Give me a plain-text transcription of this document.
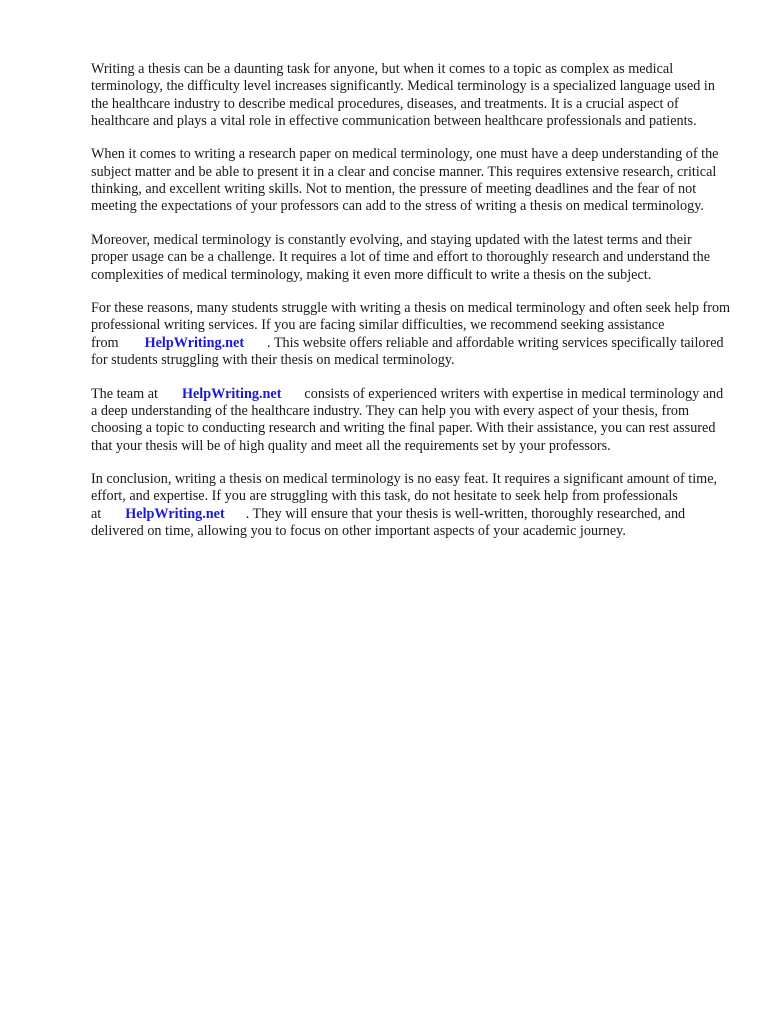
Writing a thesis can be a daunting task for anyone, but when it comes to a topic as complex as medical terminology, the difficulty level increases significantly. Medical terminology is a specialized language used in the healthcare industry to describe medical procedures, diseases, and treatments. It is a crucial aspect of healthcare and plays a vital role in effective communication between healthcare professionals and patients.

When it comes to writing a research paper on medical terminology, one must have a deep understanding of the subject matter and be able to present it in a clear and concise manner. This requires extensive research, critical thinking, and excellent writing skills. Not to mention, the pressure of meeting deadlines and the fear of not meeting the expectations of your professors can add to the stress of writing a thesis on medical terminology.

Moreover, medical terminology is constantly evolving, and staying updated with the latest terms and their proper usage can be a challenge. It requires a lot of time and effort to thoroughly research and understand the complexities of medical terminology, making it even more difficult to write a thesis on the subject.

For these reasons, many students struggle with writing a thesis on medical terminology and often seek help from professional writing services. If you are facing similar difficulties, we recommend seeking assistance from HelpWriting.net . This website offers reliable and affordable writing services specifically tailored for students struggling with their thesis on medical terminology.

The team at HelpWriting.net consists of experienced writers with expertise in medical terminology and a deep understanding of the healthcare industry. They can help you with every aspect of your thesis, from choosing a topic to conducting research and writing the final paper. With their assistance, you can rest assured that your thesis will be of high quality and meet all the requirements set by your professors.

In conclusion, writing a thesis on medical terminology is no easy feat. It requires a significant amount of time, effort, and expertise. If you are struggling with this task, do not hesitate to seek help from professionals at HelpWriting.net . They will ensure that your thesis is well-written, thoroughly researched, and delivered on time, allowing you to focus on other important aspects of your academic journey.
